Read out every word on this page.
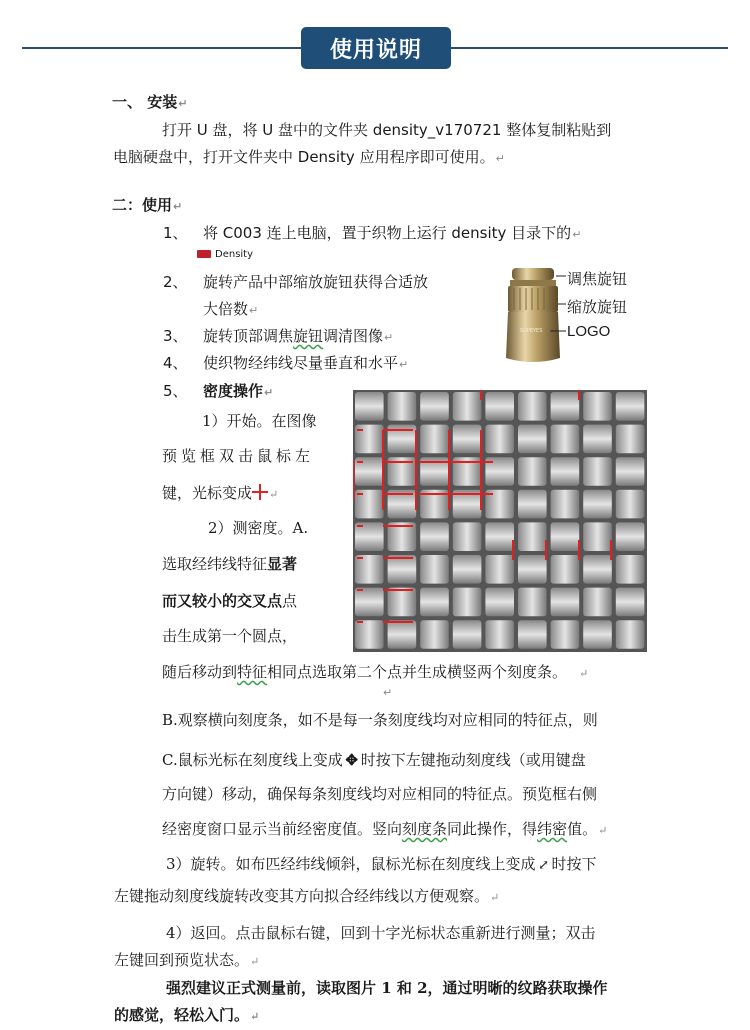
使用说明
一、 安装↵
打开 U 盘，将 U 盘中的文件夹 density_v170721 整体复制粘贴到
电脑硬盘中，打开文件夹中 Density 应用程序即可使用。↵
二：使用↵
1、 将 C003 连上电脑，置于织物上运行 density 目录下的↵
Density
2、 旋转产品中部缩放旋钮获得合适放
大倍数↵
3、 旋转顶部调焦旋钮调清图像↵
4、 使织物经纬线尽量垂直和水平↵
5、 密度操作↵
SUPEYES
调焦旋钮
缩放旋钮
LOGO
1）开始。在图像
预览框双击鼠标左
键，光标变成 ↵
2）测密度。A.
选取经纬线特征显著
而又较小的交叉点点
击生成第一个圆点，
随后移动到特征相同点选取第二个点并生成横竖两个刻度条。 ↵
↵
B.观察横向刻度条，如不是每一条刻度线均对应相同的特征点，则
C.鼠标光标在刻度线上变成 ✥ 时按下左键拖动刻度线（或用键盘
方向键）移动，确保每条刻度线均对应相同的特征点。预览框右侧
经密度窗口显示当前经密度值。竖向刻度条同此操作，得纬密值。↵
3）旋转。如布匹经纬线倾斜，鼠标光标在刻度线上变成 ⤢ 时按下
左键拖动刻度线旋转改变其方向拟合经纬线以方便观察。↵
4）返回。点击鼠标右键，回到十字光标状态重新进行测量；双击
左键回到预览状态。↵
强烈建议正式测量前，读取图片 1 和 2，通过明晰的纹路获取操作
的感觉，轻松入门。↵
